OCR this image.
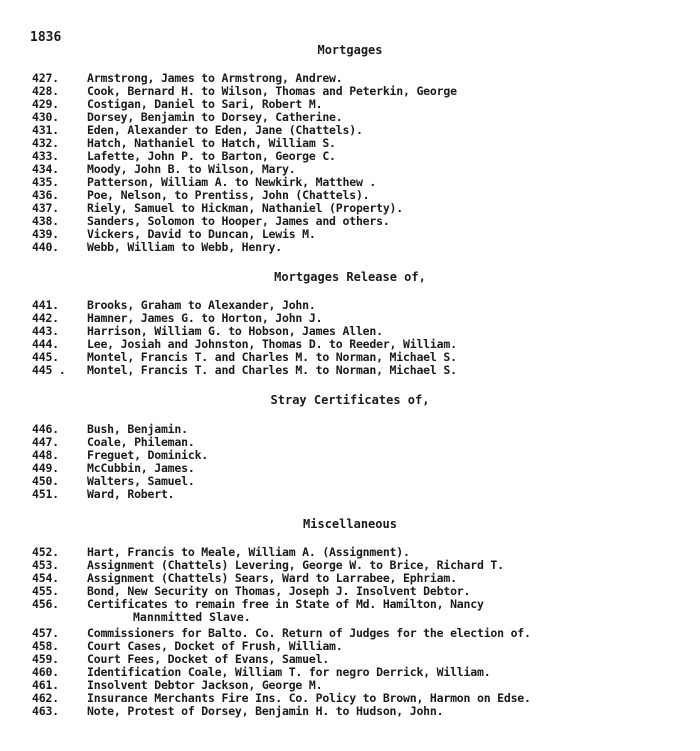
1836
Mortgages
427. Armstrong, James to Armstrong, Andrew.
428. Cook, Bernard H. to Wilson, Thomas and Peterkin, George
429. Costigan, Daniel to Sari, Robert M.
430. Dorsey, Benjamin to Dorsey, Catherine.
431. Eden, Alexander to Eden, Jane (Chattels).
432. Hatch, Nathaniel to Hatch, William S.
433. Lafette, John P. to Barton, George C.
434. Moody, John B. to Wilson, Mary.
435. Patterson, William A. to Newkirk, Matthew .
436. Poe, Nelson, to Prentiss, John (Chattels).
437. Riely, Samuel to Hickman, Nathaniel (Property).
438. Sanders, Solomon to Hooper, James and others.
439. Vickers, David to Duncan, Lewis M.
440. Webb, William to Webb, Henry.
Mortgages Release of,
441. Brooks, Graham to Alexander, John.
442. Hamner, James G. to Horton, John J.
443. Harrison, William G. to Hobson, James Allen.
444. Lee, Josiah and Johnston, Thomas D. to Reeder, William.
445. Montel, Francis T. and Charles M. to Norman, Michael S.
445 . Montel, Francis T. and Charles M. to Norman, Michael S.
Stray Certificates of,
446. Bush, Benjamin.
447. Coale, Phileman.
448. Freguet, Dominick.
449. McCubbin, James.
450. Walters, Samuel.
451. Ward, Robert.
Miscellaneous
452. Hart, Francis to Meale, William A. (Assignment).
453. Assignment (Chattels) Levering, George W. to Brice, Richard T.
454. Assignment (Chattels) Sears, Ward to Larrabee, Ephriam.
455. Bond, New Security on Thomas, Joseph J. Insolvent Debtor.
456. Certificates to remain free in State of Md. Hamilton, Nancy
Mannmitted Slave.
457. Commissioners for Balto. Co. Return of Judges for the election of.
458. Court Cases, Docket of Frush, William.
459. Court Fees, Docket of Evans, Samuel.
460. Identification Coale, William T. for negro Derrick, William.
461. Insolvent Debtor Jackson, George M.
462. Insurance Merchants Fire Ins. Co. Policy to Brown, Harmon on Edse.
463. Note, Protest of Dorsey, Benjamin H. to Hudson, John.
